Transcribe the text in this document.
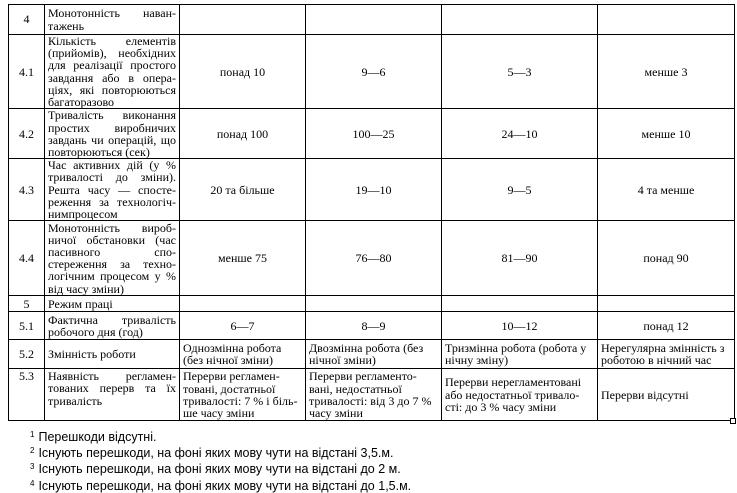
4	Монотонність наван-тажень				
4.1	Кількість елементів (прийомів), необхідних для реалізації простого завдання або в опера-ціях, які повторюються багаторазово	понад 10	9—6	5—3	менше 3
4.2	Тривалість виконання простих виробничих завдань чи операцій, що повторюються (сек)	понад 100	100—25	24—10	менше 10
4.3	Час активних дій (у % тривалості до зміни). Решта часу — спосте-реження за технологіч-нимпроцесом	20 та більше	19—10	9—5	4 та менше
4.4	Монотонність вироб-ничої обстановки (час пасивного спо-стереження за техно-логічним процесом у % від часу зміни)	менше 75	76—80	81—90	понад 90
5	Режим праці				
5.1	Фактична тривалість робочого дня (год)	6—7	8—9	10—12	понад 12
5.2	Змінність роботи	Однозмінна робота (без нічної зміни)	Двозмінна робота (без нічної зміни)	Тризмінна робота (робота у нічну зміну)	Нерегулярна змінність з роботою в нічний час
5.3	Наявність регламен-тованих перерв та їх тривалість	Перерви регламен-товані, достатньої тривалості: 7 % і біль-ше часу зміни	Перерви регламенто-вані, недостатньої тривалості: від 3 до 7 % часу зміни	Перерви нерегламентовані або недостатньої тривало-сті: до 3 % часу зміни	Перерви відсутні
$^1$ Перешкоди відсутні.
$^2$ Існують перешкоди, на фоні яких мову чути на відстані 3,5.м.
$^3$ Існують перешкоди, на фоні яких мову чути на відстані до 2 м.
$^4$ Існують перешкоди, на фоні яких мову чути на відстані до 1,5.м.
